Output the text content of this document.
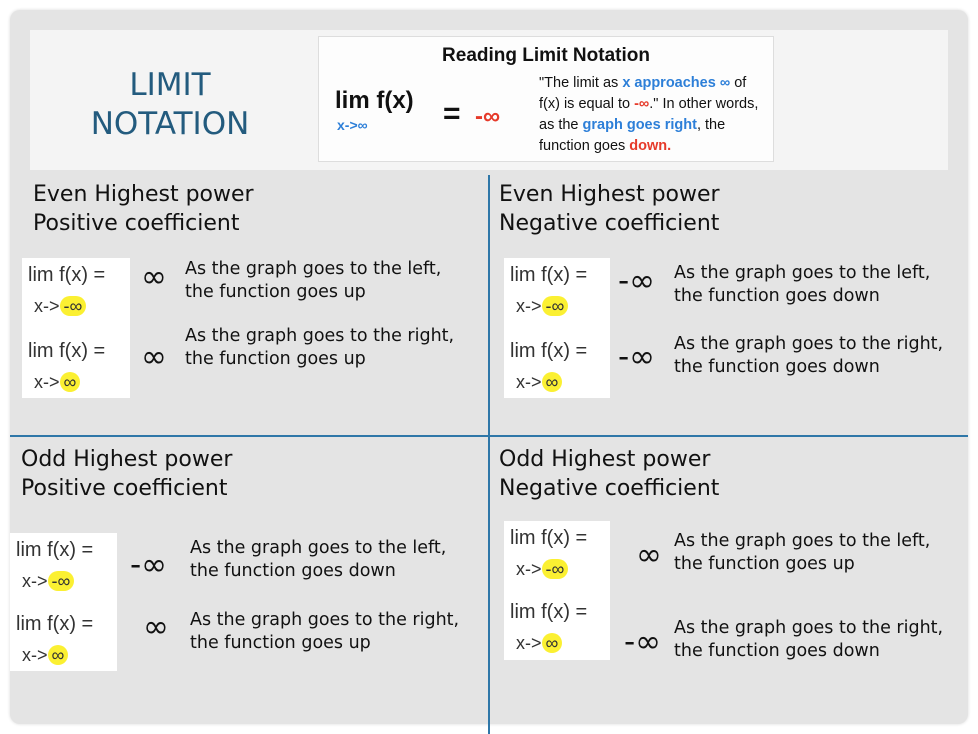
LIMIT
NOTATION
Reading Limit Notation
lim f(x)
x->∞	= -∞
"The limit as x approaches ∞ of f(x) is equal to -∞." In other words, as the graph goes right, the function goes down.
Even Highest power
Positive coefficient
lim f(x) =
x-> -∞
lim f(x) =
x-> ∞
∞ As the graph goes to the left, the function goes up
∞
As the graph goes to the right, the function goes up
Even Highest power
Negative coefficient
lim f(x) =
x-> -∞
lim f(x) =
x-> ∞
-∞ As the graph goes to the left, the function goes down
-∞ As the graph goes to the right, the function goes down
Odd Highest power
Positive coefficient
lim f(x) =
x-> -∞
lim f(x) =
x-> ∞
-∞ As the graph goes to the left, the function goes down
∞ As the graph goes to the right, the function goes up
Odd Highest power
Negative coefficient
lim f(x) =
x-> -∞
lim f(x) =
x-> ∞
∞ As the graph goes to the left, the function goes up
-∞ As the graph goes to the right, the function goes down
